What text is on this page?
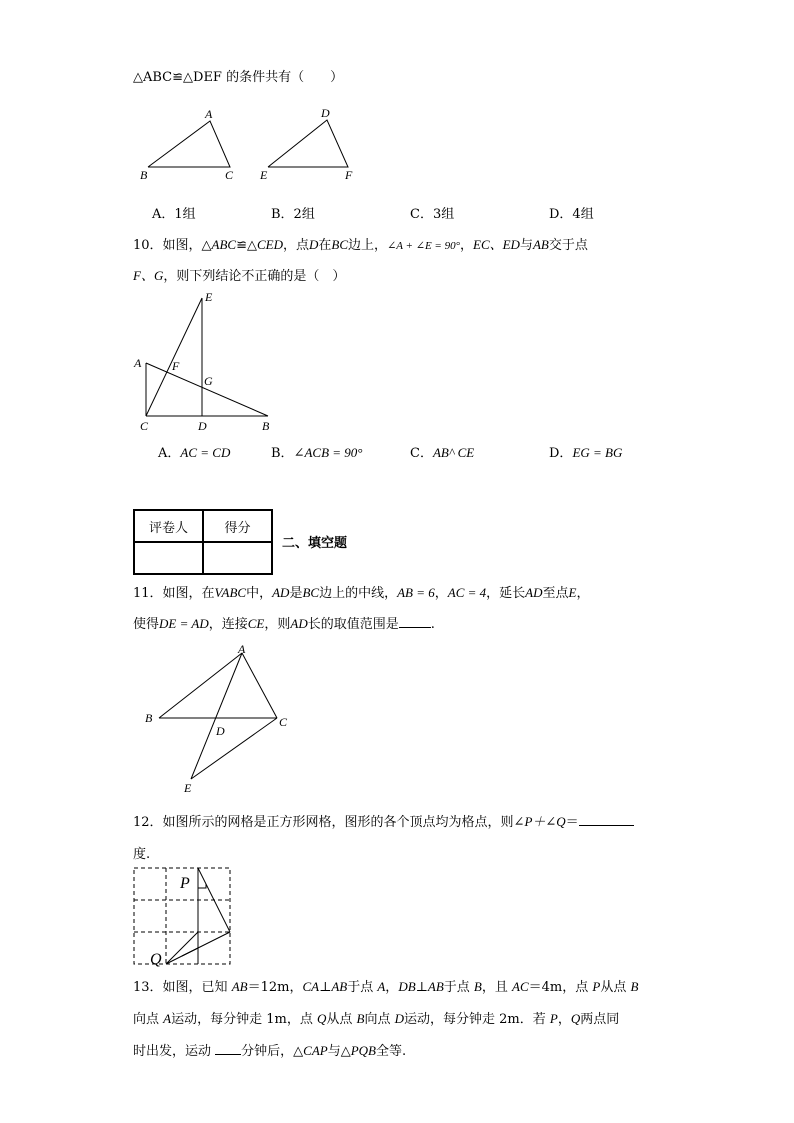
△ABC≌△DEF 的条件共有（　　）
A
B	C
D
E	F
A．1组	B．2组	C．3组	D．4组
10．如图，△ABC≌△CED，点D在BC边上，∠A + ∠E = 90°，EC、ED与AB交于点
F、G，则下列结论不正确的是（　）
E
A	F
G
C	D	B
A．AC = CD	B．∠ACB = 90°	C．AB^ CE	D．EG = BG
评卷人	得分

二、填空题
11．如图，在VABC中，AD是BC边上的中线，AB = 6，AC = 4，延长AD至点E，
使得DE = AD，连接CE，则AD长的取值范围是 .
A
B	C
D
E
12．如图所示的网格是正方形网格，图形的各个顶点均为格点，则∠P＋∠Q＝
度.
P
Q
13．如图，已知 AB＝12m，CA⊥AB于点 A，DB⊥AB于点 B，且 AC＝4m，点 P从点 B
向点 A运动，每分钟走 1m，点 Q从点 B向点 D运动，每分钟走 2m．若 P，Q两点同
时出发，运动 分钟后，△CAP与△PQB全等.
